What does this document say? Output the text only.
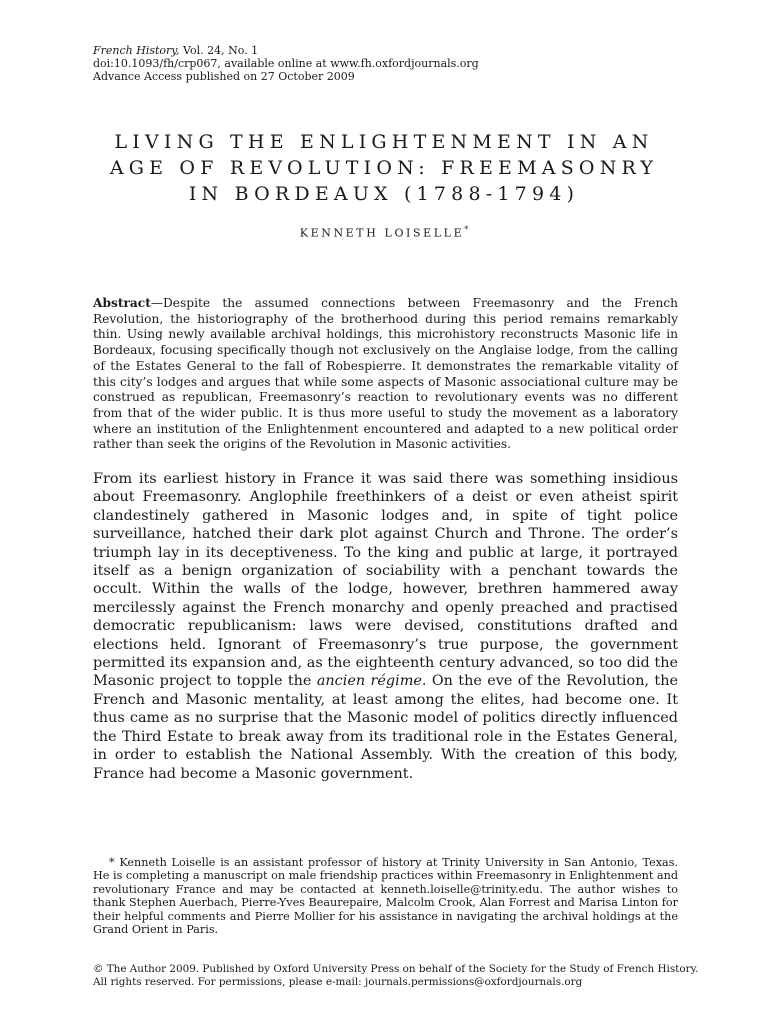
French History, Vol. 24, No. 1
doi:10.1093/fh/crp067, available online at www.fh.oxfordjournals.org
Advance Access published on 27 October 2009
LIVING THE ENLIGHTENMENT IN AN
AGE OF REVOLUTION: FREEMASONRY
IN BORDEAUX (1788-1794)
KENNETH LOISELLE*
Abstract—Despite the assumed connections between Freemasonry and the French Revolution, the historiography of the brotherhood during this period remains remarkably thin. Using newly available archival holdings, this microhistory reconstructs Masonic life in Bordeaux, focusing specifically though not exclusively on the Anglaise lodge, from the calling of the Estates General to the fall of Robespierre. It demonstrates the remarkable vitality of this city’s lodges and argues that while some aspects of Masonic associational culture may be construed as republican, Freemasonry’s reaction to revolutionary events was no different from that of the wider public. It is thus more useful to study the movement as a laboratory where an institution of the Enlightenment encountered and adapted to a new political order rather than seek the origins of the Revolution in Masonic activities.
From its earliest history in France it was said there was something insidious about Freemasonry. Anglophile freethinkers of a deist or even atheist spirit clandestinely gathered in Masonic lodges and, in spite of tight police surveillance, hatched their dark plot against Church and Throne. The order’s triumph lay in its deceptiveness. To the king and public at large, it portrayed itself as a benign organization of sociability with a penchant towards the occult. Within the walls of the lodge, however, brethren hammered away mercilessly against the French monarchy and openly preached and practised democratic republicanism: laws were devised, constitutions drafted and elections held. Ignorant of Freemasonry’s true purpose, the government permitted its expansion and, as the eighteenth century advanced, so too did the Masonic project to topple the ancien régime. On the eve of the Revolution, the French and Masonic mentality, at least among the elites, had become one. It thus came as no surprise that the Masonic model of politics directly influenced the Third Estate to break away from its traditional role in the Estates General, in order to establish the National Assembly. With the creation of this body, France had become a Masonic government.
* Kenneth Loiselle is an assistant professor of history at Trinity University in San Antonio, Texas. He is completing a manuscript on male friendship practices within Freemasonry in Enlightenment and revolutionary France and may be contacted at kenneth.loiselle@trinity.edu. The author wishes to thank Stephen Auerbach, Pierre-Yves Beaurepaire, Malcolm Crook, Alan Forrest and Marisa Linton for their helpful comments and Pierre Mollier for his assistance in navigating the archival holdings at the Grand Orient in Paris.
© The Author 2009. Published by Oxford University Press on behalf of the Society for the Study of French History.
All rights reserved. For permissions, please e-mail: journals.permissions@oxfordjournals.org
